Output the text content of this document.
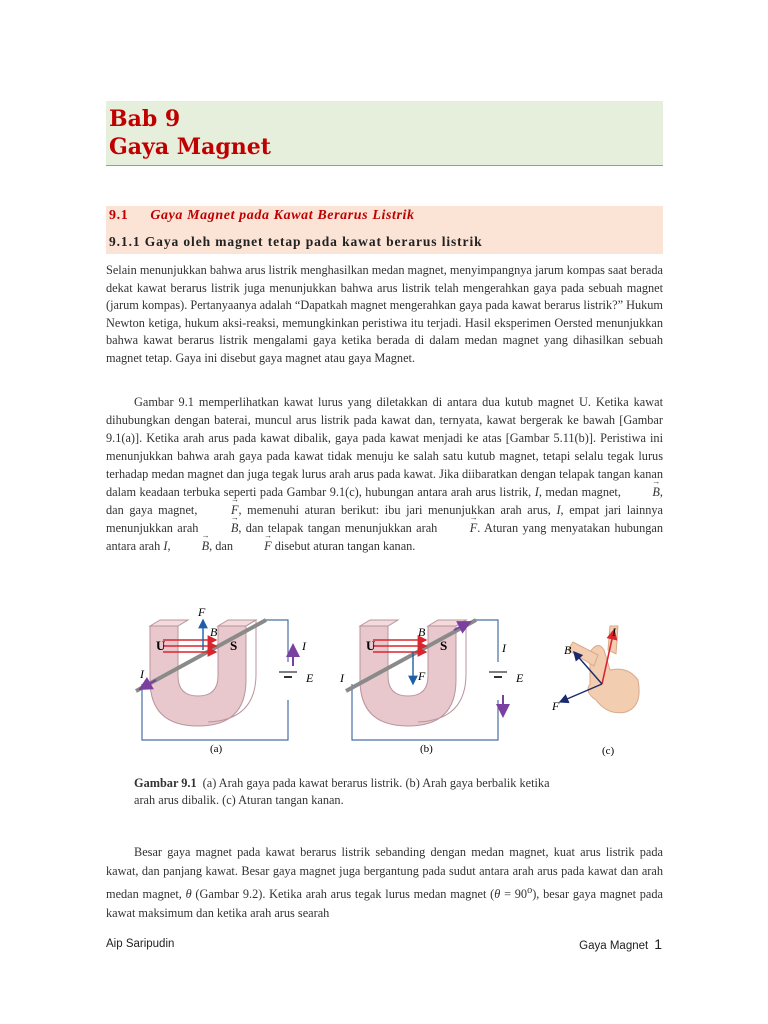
Bab 9
Gaya Magnet
9.1 Gaya Magnet pada Kawat Berarus Listrik
9.1.1 Gaya oleh magnet tetap pada kawat berarus listrik

Selain menunjukkan bahwa arus listrik menghasilkan medan magnet, menyimpangnya jarum kompas saat berada dekat kawat berarus listrik juga menunjukkan bahwa arus listrik telah mengerahkan gaya pada sebuah magnet (jarum kompas). Pertanyaanya adalah “Dapatkah magnet mengerahkan gaya pada kawat berarus listrik?” Hukum Newton ketiga, hukum aksi-reaksi, memungkinkan peristiwa itu terjadi. Hasil eksperimen Oersted menunjukkan bahwa kawat berarus listrik mengalami gaya ketika berada di dalam medan magnet yang dihasilkan sebuah magnet tetap. Gaya ini disebut gaya magnet atau gaya Magnet.

Gambar 9.1 memperlihatkan kawat lurus yang diletakkan di antara dua kutub magnet U. Ketika kawat dihubungkan dengan baterai, muncul arus listrik pada kawat dan, ternyata, kawat bergerak ke bawah [Gambar 9.1(a)]. Ketika arah arus pada kawat dibalik, gaya pada kawat menjadi ke atas [Gambar 5.11(b)]. Peristiwa ini menunjukkan bahwa arah gaya pada kawat tidak menuju ke salah satu kutub magnet, tetapi selalu tegak lurus terhadap medan magnet dan juga tegak lurus arah arus pada kawat. Jika diibaratkan dengan telapak tangan kanan dalam keadaan terbuka seperti pada Gambar 9.1(c), hubungan antara arah arus listrik, I, medan magnet, → B, dan gaya magnet, → F, memenuhi aturan berikut: ibu jari menunjukkan arah arus, I, empat jari lainnya menunjukkan arah → B, dan telapak tangan menunjukkan arah → F. Aturan yang menyatakan hubungan antara arah I, → B, dan → F disebut aturan tangan kanan.

U	S
F
B
I
I
E
(a)
U	S
B
F
I
I
E
(b)
I
B
F
(c)
Gambar 9.1 (a) Arah gaya pada kawat berarus listrik. (b) Arah gaya berbalik ketika
arah arus dibalik. (c) Aturan tangan kanan.

Besar gaya magnet pada kawat berarus listrik sebanding dengan medan magnet, kuat arus listrik pada kawat, dan panjang kawat. Besar gaya magnet juga bergantung pada sudut antara arah arus pada kawat dan arah medan magnet, θ (Gambar 9.2). Ketika arah arus tegak lurus medan magnet $(\theta = 90^o)$, besar gaya magnet pada kawat maksimum dan ketika arah arus searah

Aip Saripudin	Gaya Magnet 1
